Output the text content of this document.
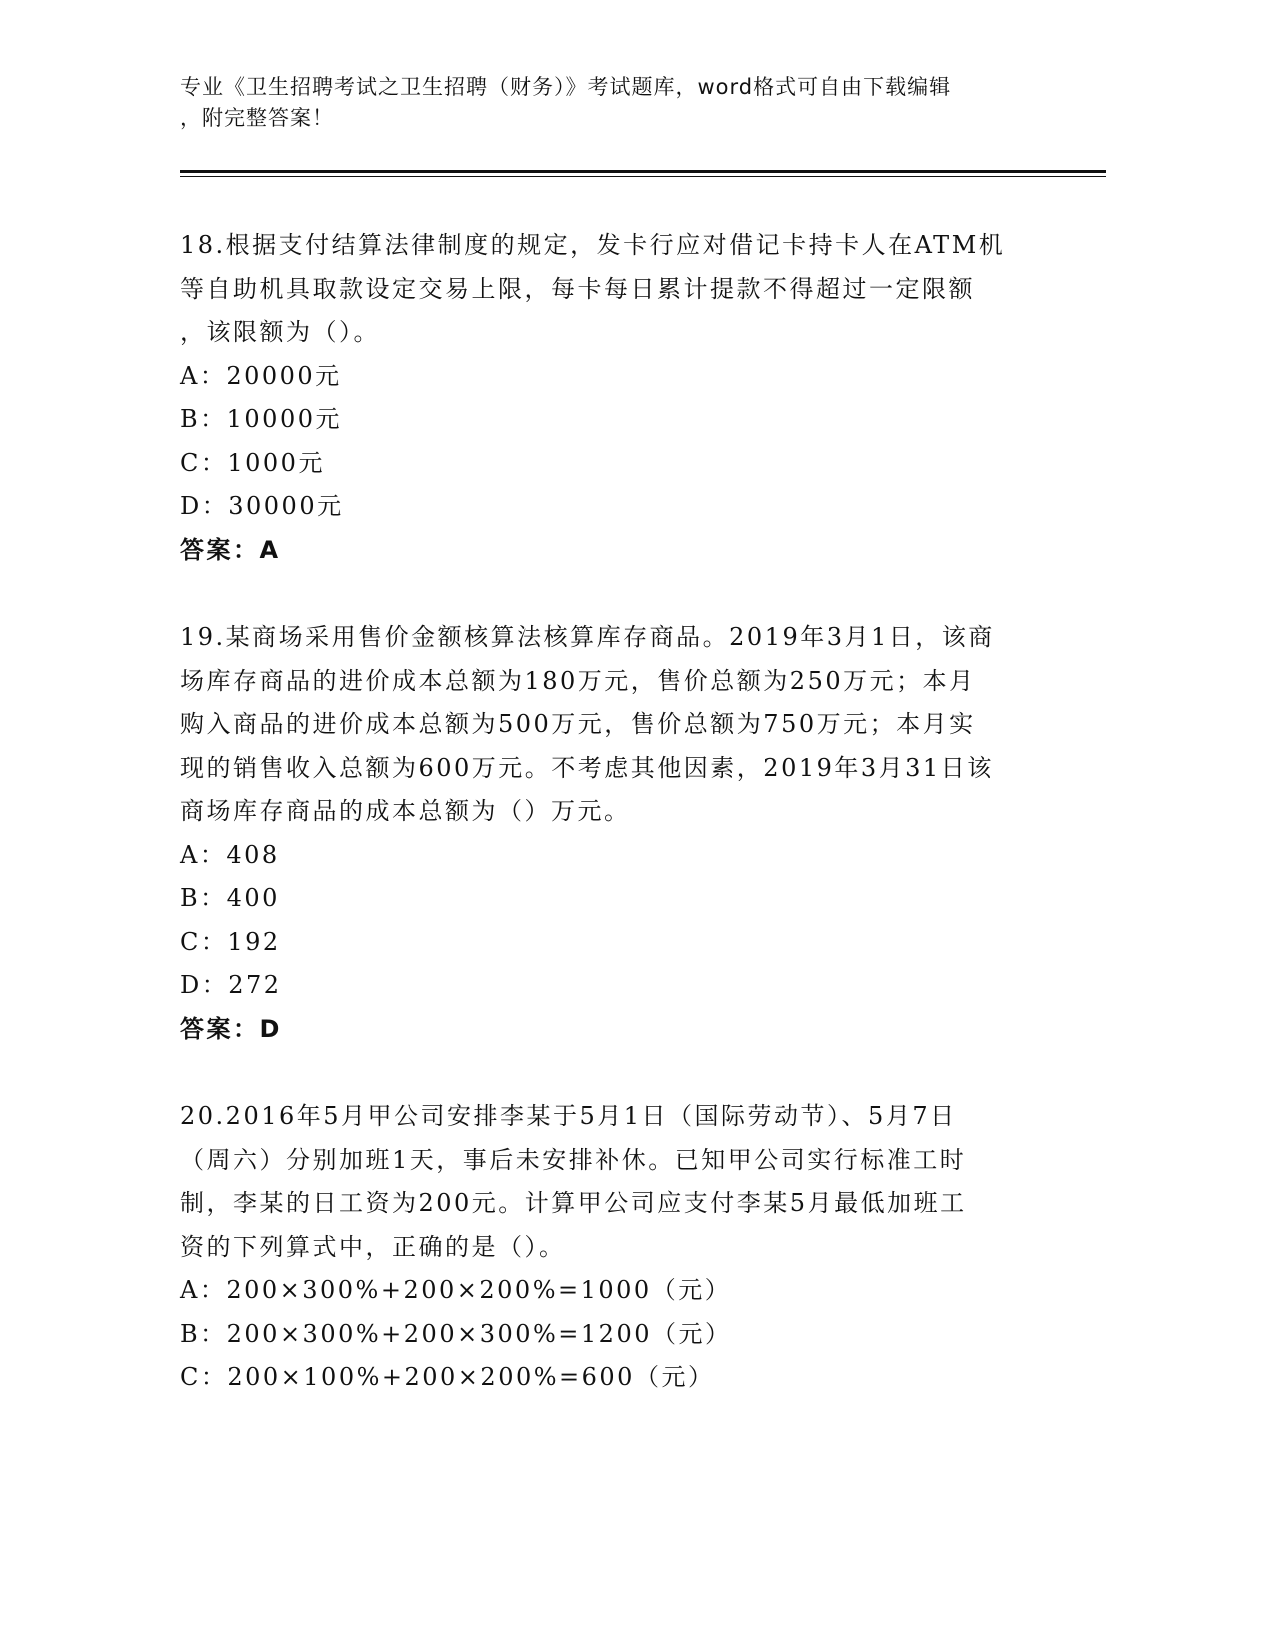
专业《卫生招聘考试之卫生招聘（财务）》考试题库，word格式可自由下载编辑
，附完整答案！
18.根据支付结算法律制度的规定，发卡行应对借记卡持卡人在ATM机
等自助机具取款设定交易上限，每卡每日累计提款不得超过一定限额
，该限额为（）。
A：20000元
B：10000元
C：1000元
D：30000元
答案：A
19.某商场采用售价金额核算法核算库存商品。2019年3月1日，该商
场库存商品的进价成本总额为180万元，售价总额为250万元；本月
购入商品的进价成本总额为500万元，售价总额为750万元；本月实
现的销售收入总额为600万元。不考虑其他因素，2019年3月31日该
商场库存商品的成本总额为（）万元。
A：408
B：400
C：192
D：272
答案：D
20.2016年5月甲公司安排李某于5月1日（国际劳动节）、5月7日
（周六）分别加班1天，事后未安排补休。已知甲公司实行标准工时
制，李某的日工资为200元。计算甲公司应支付李某5月最低加班工
资的下列算式中，正确的是（）。
A：200×300%+200×200%=1000（元）
B：200×300%+200×300%=1200（元）
C：200×100%+200×200%=600（元）
